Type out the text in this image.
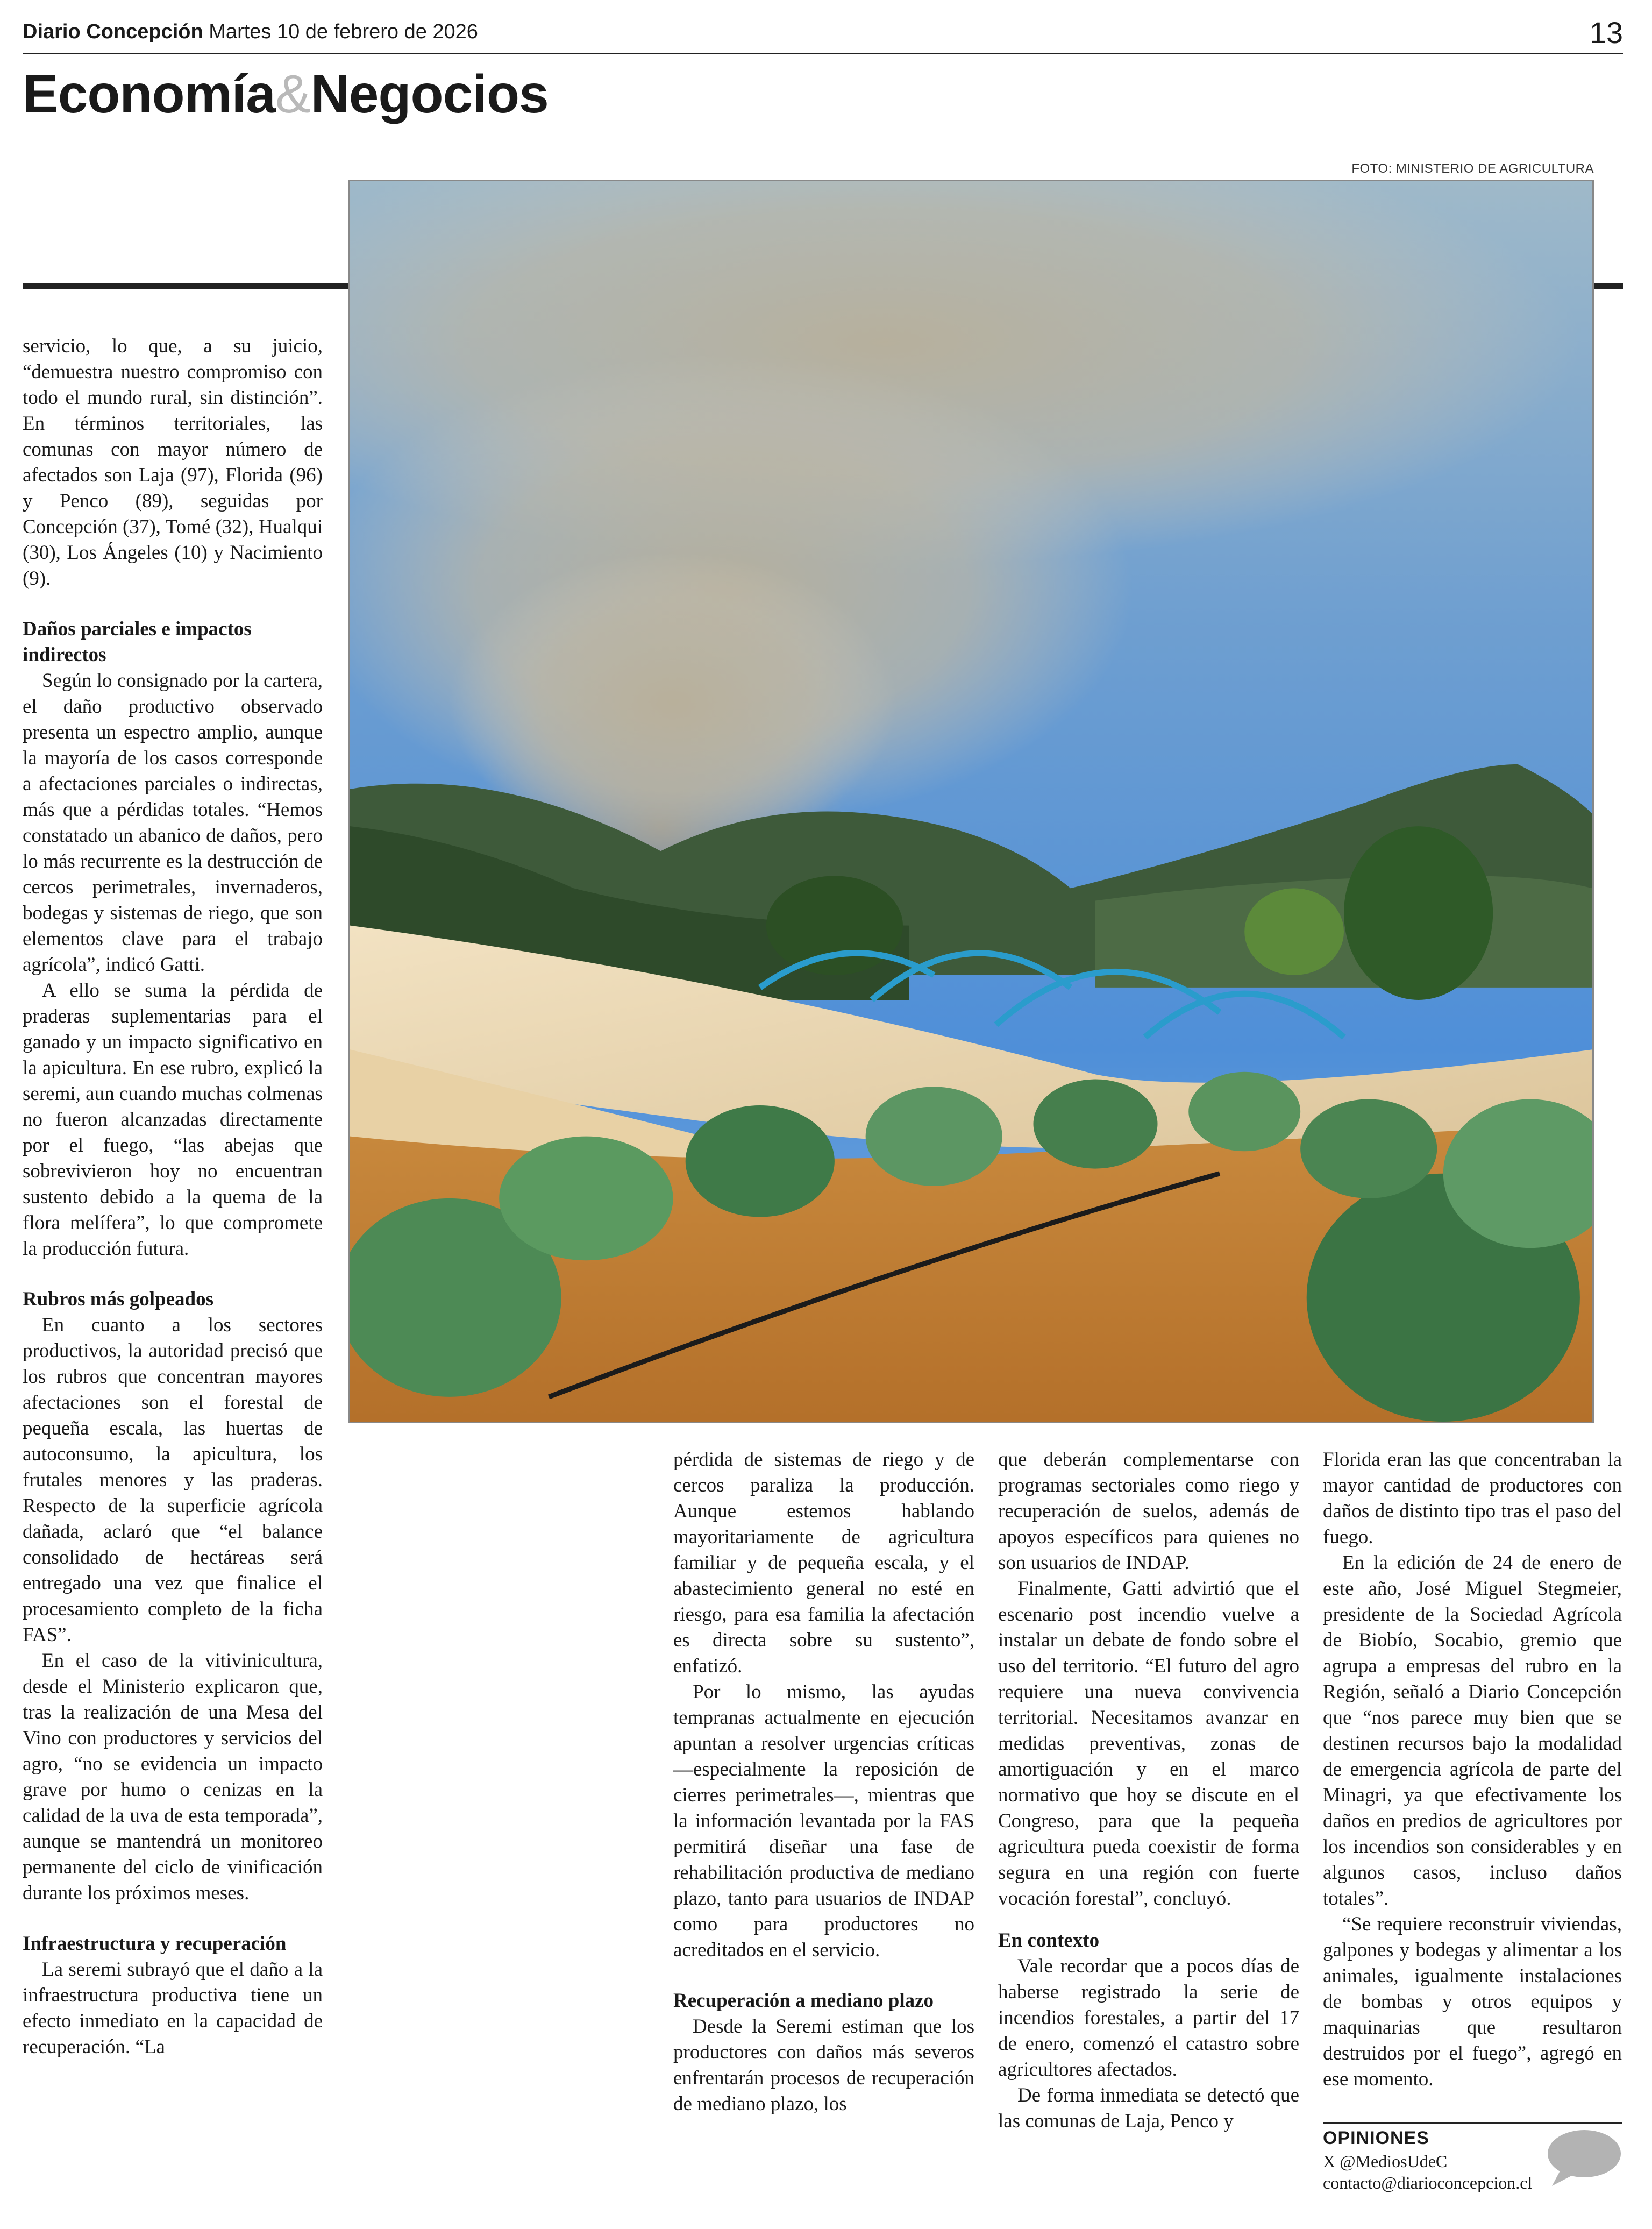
Diario Concepción Martes 10 de febrero de 2026	13
Economía&Negocios
FOTO: MINISTERIO DE AGRICULTURA

servicio, lo que, a su juicio, “demuestra nuestro compromiso con todo el mundo rural, sin distinción”. En términos territoriales, las comunas con mayor número de afectados son Laja (97), Florida (96) y Penco (89), seguidas por Concepción (37), Tomé (32), Hualqui (30), Los Ángeles (10) y Nacimiento (9).

Daños parciales e impactos indirectos

Según lo consignado por la cartera, el daño productivo observado presenta un espectro amplio, aunque la mayoría de los casos corresponde a afectaciones parciales o indirectas, más que a pérdidas totales. “Hemos constatado un abanico de daños, pero lo más recurrente es la destrucción de cercos perimetrales, invernaderos, bodegas y sistemas de riego, que son elementos clave para el trabajo agrícola”, indicó Gatti.

A ello se suma la pérdida de praderas suplementarias para el ganado y un impacto significativo en la apicultura. En ese rubro, explicó la seremi, aun cuando muchas colmenas no fueron alcanzadas directamente por el fuego, “las abejas que sobrevivieron hoy no encuentran sustento debido a la quema de la flora melífera”, lo que compromete la producción futura.

Rubros más golpeados

En cuanto a los sectores productivos, la autoridad precisó que los rubros que concentran mayores afectaciones son el forestal de pequeña escala, las huertas de autoconsumo, la apicultura, los frutales menores y las praderas. Respecto de la superficie agrícola dañada, aclaró que “el balance consolidado de hectáreas será entregado una vez que finalice el procesamiento completo de la ficha FAS”.

En el caso de la vitivinicultura, desde el Ministerio explicaron que, tras la realización de una Mesa del Vino con productores y servicios del agro, “no se evidencia un impacto grave por humo o cenizas en la calidad de la uva de esta temporada”, aunque se mantendrá un monitoreo permanente del ciclo de vinificación durante los próximos meses.

Infraestructura y recuperación

La seremi subrayó que el daño a la infraestructura productiva tiene un efecto inmediato en la capacidad de recuperación. “La

pérdida de sistemas de riego y de cercos paraliza la producción. Aunque estemos hablando mayoritariamente de agricultura familiar y de pequeña escala, y el abastecimiento general no esté en riesgo, para esa familia la afectación es directa sobre su sustento”, enfatizó.

Por lo mismo, las ayudas tempranas actualmente en ejecución apuntan a resolver urgencias críticas —especialmente la reposición de cierres perimetrales—, mientras que la información levantada por la FAS permitirá diseñar una fase de rehabilitación productiva de mediano plazo, tanto para usuarios de INDAP como para productores no acreditados en el servicio.

Recuperación a mediano plazo

Desde la Seremi estiman que los productores con daños más severos enfrentarán procesos de recuperación de mediano plazo, los

que deberán complementarse con programas sectoriales como riego y recuperación de suelos, además de apoyos específicos para quienes no son usuarios de INDAP.

Finalmente, Gatti advirtió que el escenario post incendio vuelve a instalar un debate de fondo sobre el uso del territorio. “El futuro del agro requiere una nueva convivencia territorial. Necesitamos avanzar en medidas preventivas, zonas de amortiguación y en el marco normativo que hoy se discute en el Congreso, para que la pequeña agricultura pueda coexistir de forma segura en una región con fuerte vocación forestal”, concluyó.

En contexto

Vale recordar que a pocos días de haberse registrado la serie de incendios forestales, a partir del 17 de enero, comenzó el catastro sobre agricultores afectados.

De forma inmediata se detectó que las comunas de Laja, Penco y

Florida eran las que concentraban la mayor cantidad de productores con daños de distinto tipo tras el paso del fuego.

En la edición de 24 de enero de este año, José Miguel Stegmeier, presidente de la Sociedad Agrícola de Biobío, Socabio, gremio que agrupa a empresas del rubro en la Región, señaló a Diario Concepción que “nos parece muy bien que se destinen recursos bajo la modalidad de emergencia agrícola de parte del Minagri, ya que efectivamente los daños en predios de agricultores por los incendios son considerables y en algunos casos, incluso daños totales”.

“Se requiere reconstruir viviendas, galpones y bodegas y alimentar a los animales, igualmente instalaciones de bombas y otros equipos y maquinarias que resultaron destruidos por el fuego”, agregó en ese momento.

OPINIONES
X @MediosUdeC
contacto@diarioconcepcion.cl
